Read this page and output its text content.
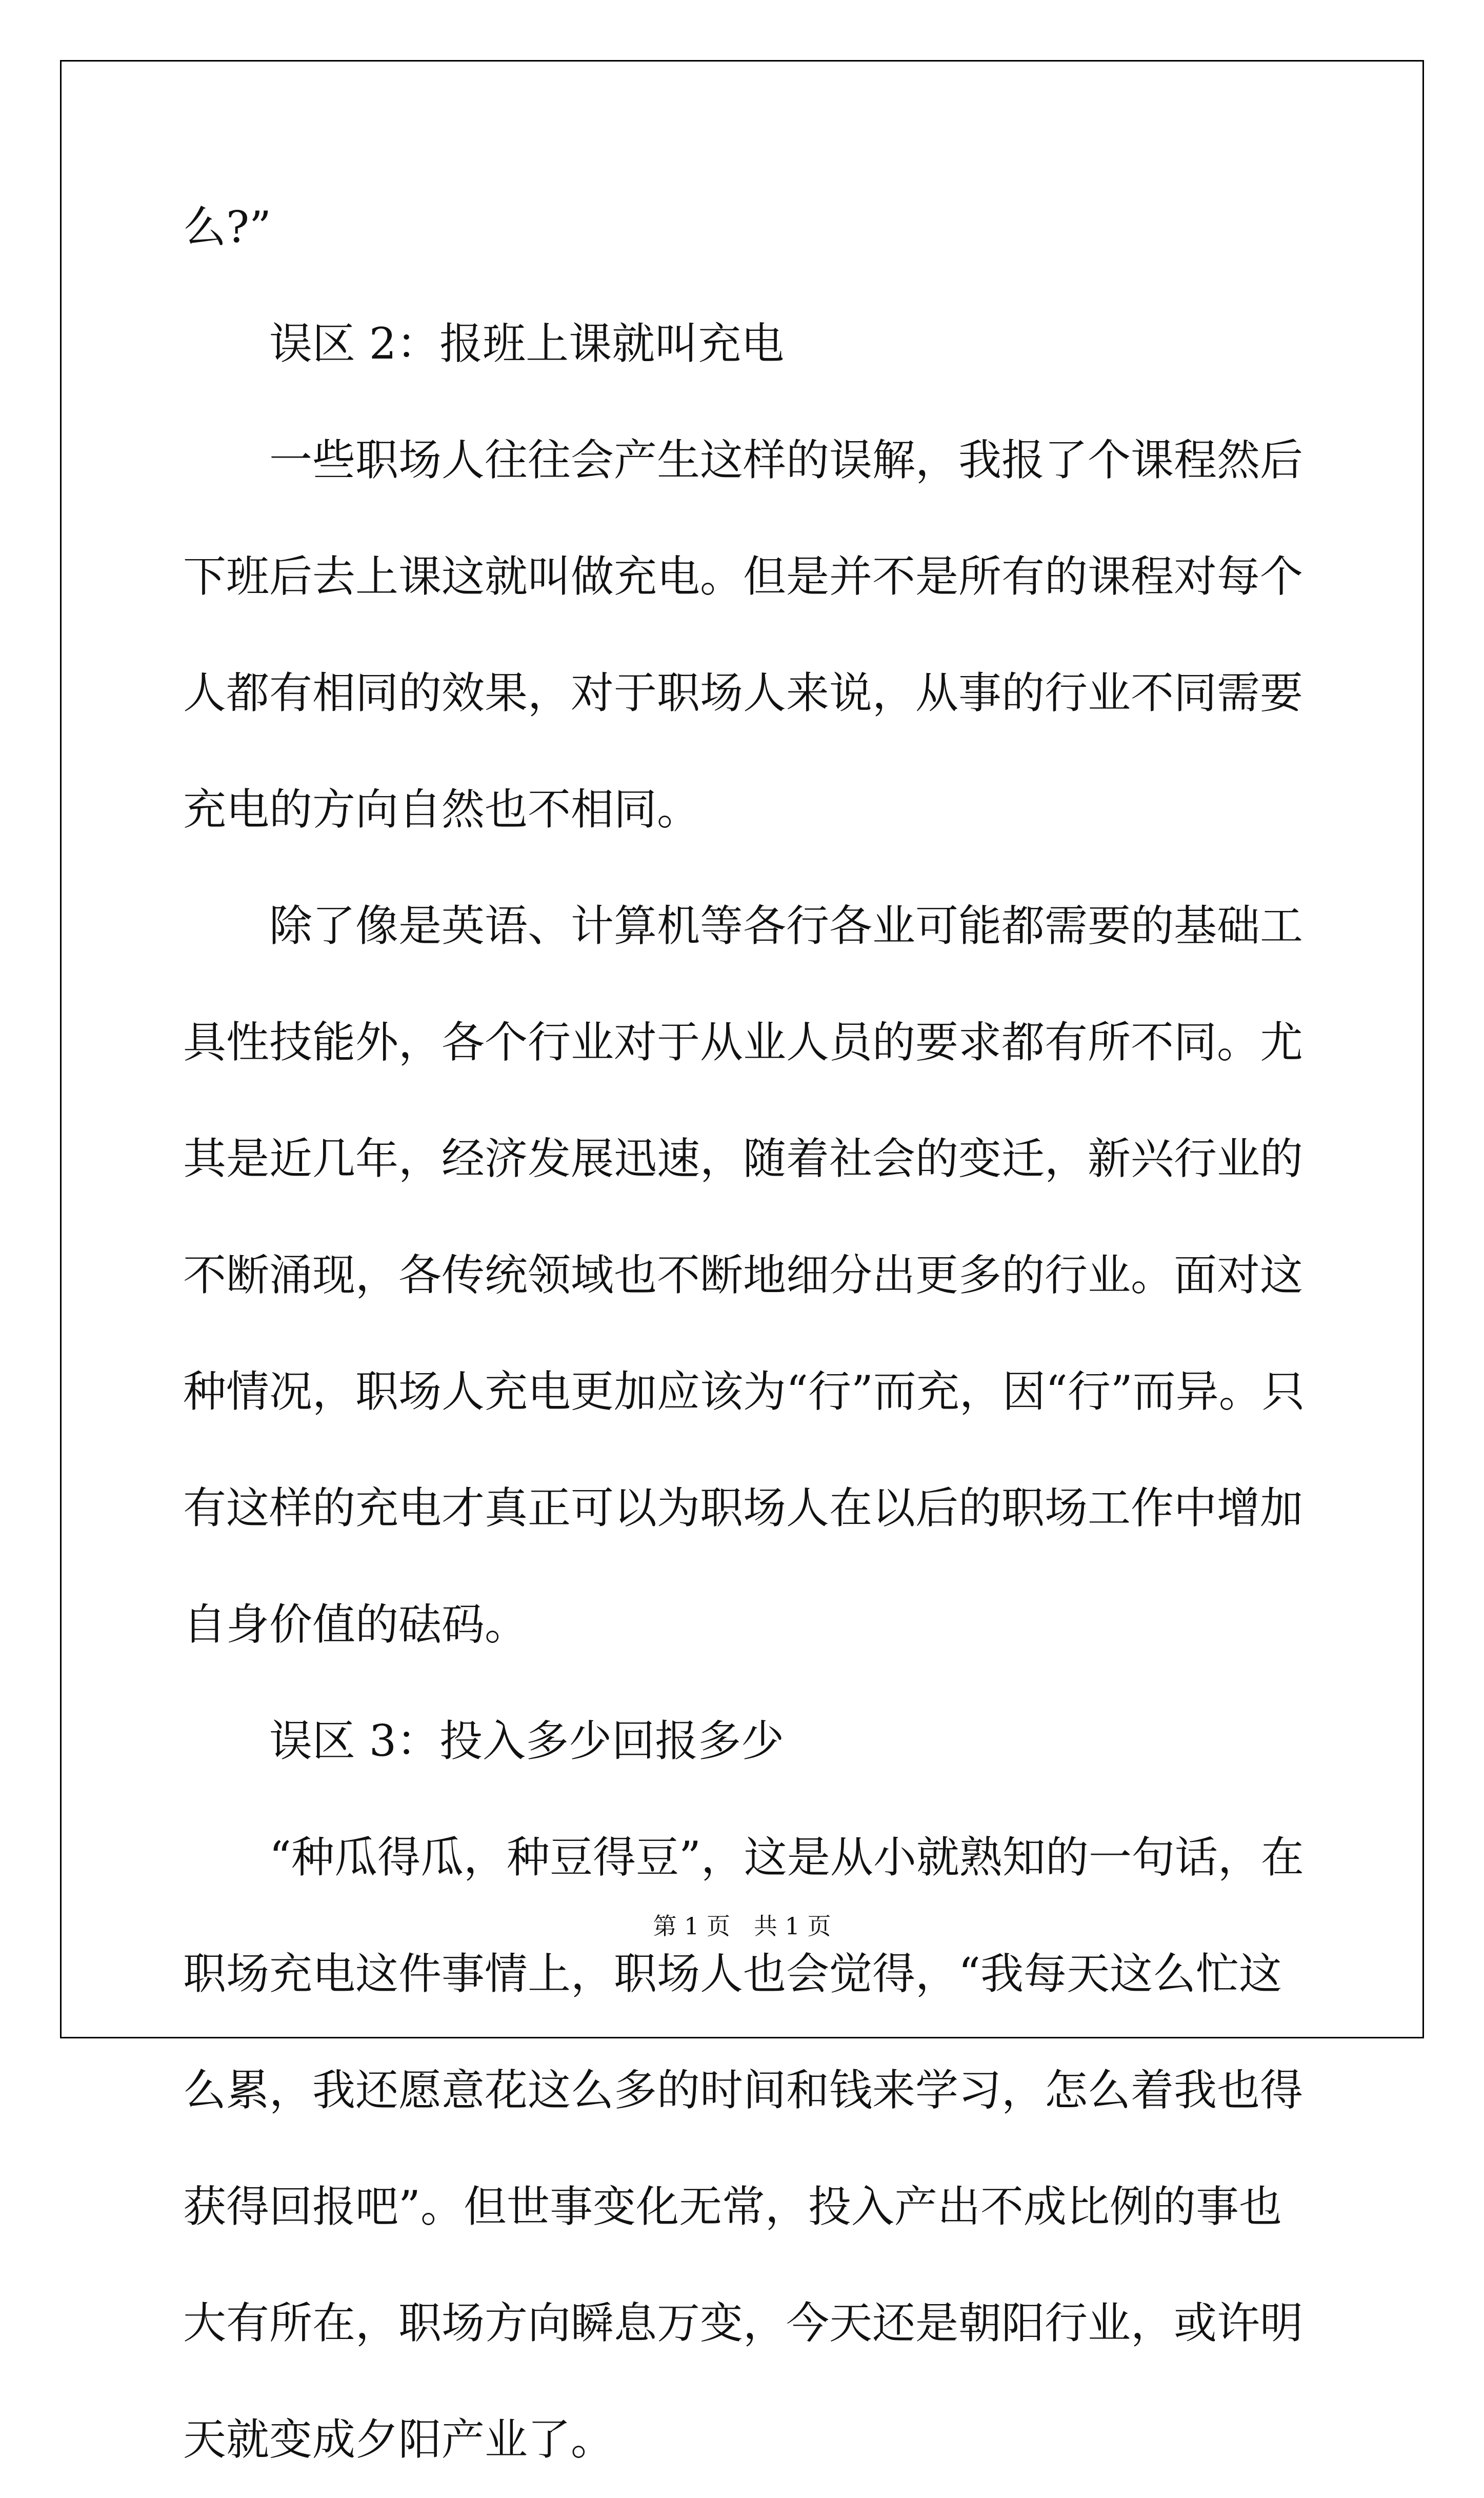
么?”

误区 2：报班上课就叫充电

一些职场人往往会产生这样的误解，我报了个课程然后下班后去上课这就叫做充电。但是并不是所有的课程对每个人都有相同的效果，对于职场人来说，从事的行业不同需要充电的方向自然也不相同。

除了像是英语、计算机等各行各业可能都需要的基础工具性技能外，各个行业对于从业人员的要求都有所不同。尤其是近几年，经济发展迅速，随着社会的变迁，新兴行业的不断涌现，各传统领域也不断地细分出更多的行业。面对这种情况，职场人充电更加应该为“行”而充，因“行”而异。只有这样的充电才真正可以为职场人在以后的职场工作中增加自身价值的砝码。

误区 3：投入多少回报多少

“种瓜得瓜，种豆得豆”，这是从小就熟知的一句话，在职场充电这件事情上，职场人也会觉得，“我每天这么忙这么累，我还愿意花这么多的时间和钱来学习，怎么着我也得获得回报吧”。但世事变化无常，投入产出不成比例的事也大有所在，职场方向瞬息万变，今天还是朝阳行业，或许明天就变成夕阳产业了。

第 1 页　共 1 页
